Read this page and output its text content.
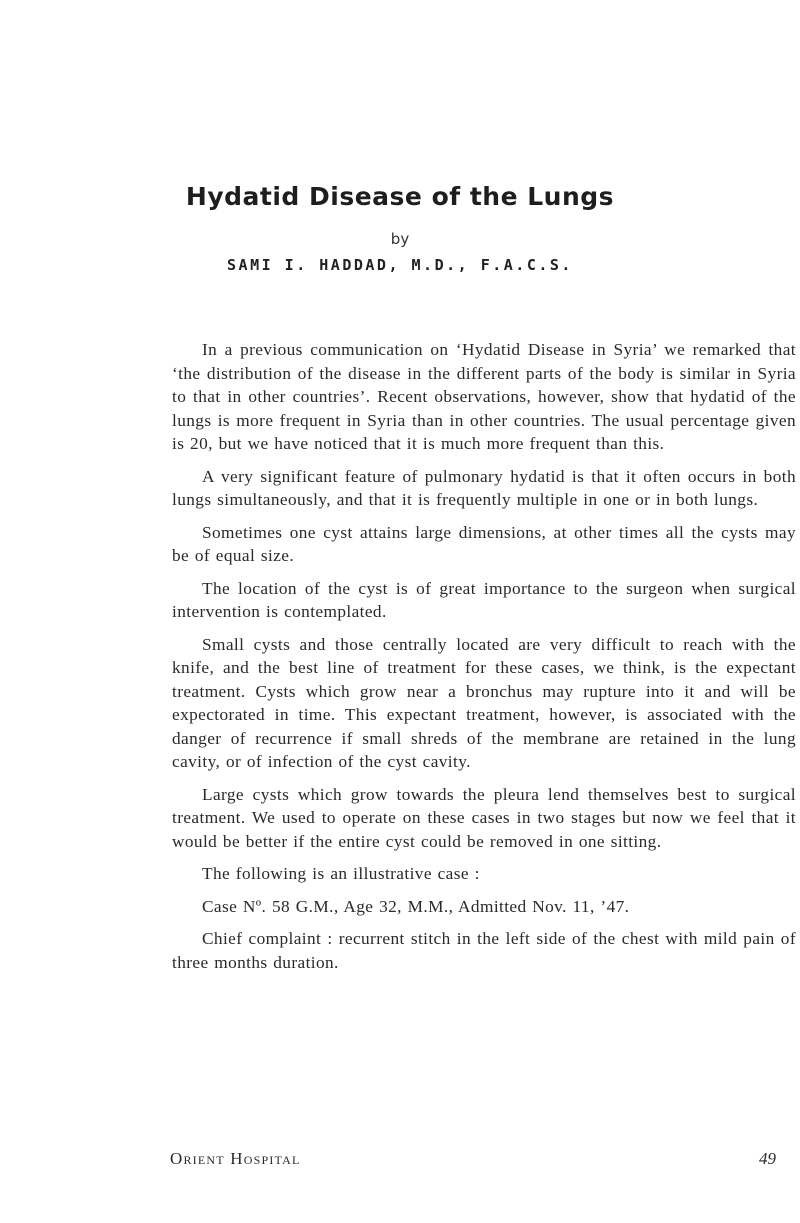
Hydatid Disease of the Lungs
by
SAMI I. HADDAD, M.D., F.A.C.S.

In a previous communication on ‘Hydatid Disease in Syria’ we remarked that ‘the distribution of the disease in the different parts of the body is similar in Syria to that in other countries’. Recent observations, however, show that hydatid of the lungs is more frequent in Syria than in other countries. The usual percentage given is 20, but we have noticed that it is much more frequent than this.

A very significant feature of pulmonary hydatid is that it often occurs in both lungs simultaneously, and that it is frequently multiple in one or in both lungs.

Sometimes one cyst attains large dimensions, at other times all the cysts may be of equal size.

The location of the cyst is of great importance to the surgeon when surgical intervention is contemplated.

Small cysts and those centrally located are very difficult to reach with the knife, and the best line of treatment for these cases, we think, is the expectant treatment. Cysts which grow near a bronchus may rupture into it and will be expectorated in time. This expectant treatment, however, is associated with the danger of recurrence if small shreds of the membrane are retained in the lung cavity, or of infection of the cyst cavity.

Large cysts which grow towards the pleura lend themselves best to surgical treatment. We used to operate on these cases in two stages but now we feel that it would be better if the entire cyst could be removed in one sitting.

The following is an illustrative case :

Case Nº. 58 G.M., Age 32, M.M., Admitted Nov. 11, ’47.

Chief complaint : recurrent stitch in the left side of the chest with mild pain of three months duration.

Orient Hospital	49
